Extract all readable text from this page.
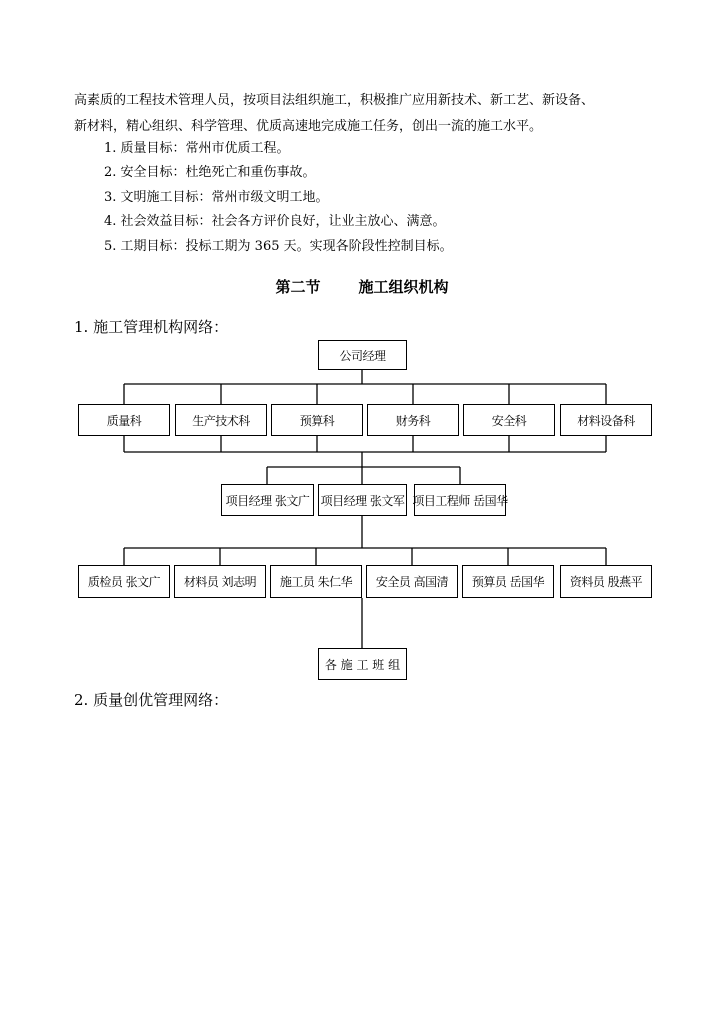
高素质的工程技术管理人员，按项目法组织施工，积极推广应用新技术、新工艺、新设备、
新材料，精心组织、科学管理、优质高速地完成施工任务，创出一流的施工水平。
1. 质量目标：常州市优质工程。
2. 安全目标：杜绝死亡和重伤事故。
3. 文明施工目标：常州市级文明工地。
4. 社会效益目标：社会各方评价良好，让业主放心、满意。
5. 工期目标：投标工期为 365 天。实现各阶段性控制目标。
第二节	施工组织机构
1. 施工管理机构网络：
公司经理
质量科	生产技术科	预算科	财务科	安全科	材料设备科
项目经理 张文广 项目经理 张文军 项目工程师 岳国华
质检员 张文广	材料员 刘志明	施工员 朱仁华	安全员 高国清	预算员 岳国华	资料员 殷燕平
各 施 工 班 组
2. 质量创优管理网络：
